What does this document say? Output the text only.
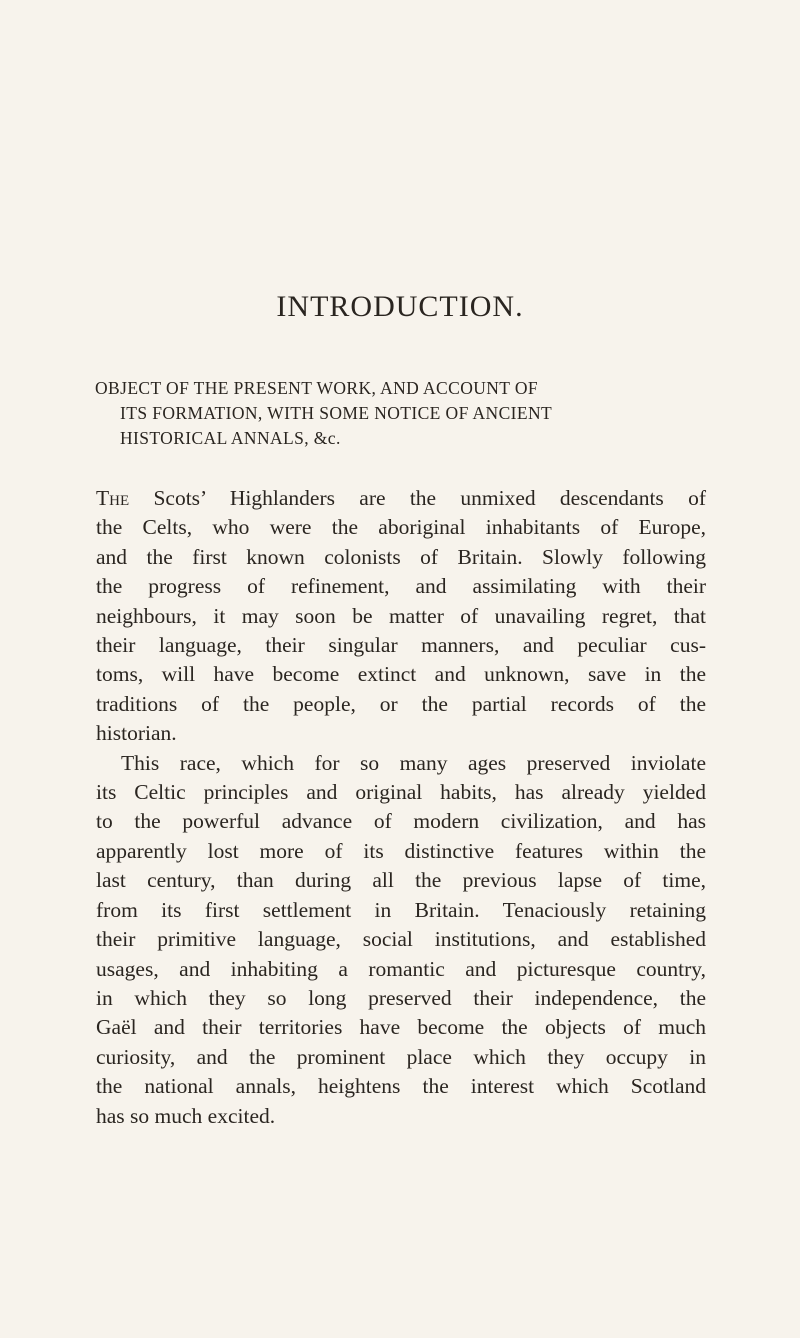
INTRODUCTION.
OBJECT OF THE PRESENT WORK, AND ACCOUNT OF
ITS FORMATION, WITH SOME NOTICE OF ANCIENT
HISTORICAL ANNALS, &c.
The Scots’ Highlanders are the unmixed descendants of
the Celts, who were the aboriginal inhabitants of Europe,
and the first known colonists of Britain. Slowly following
the progress of refinement, and assimilating with their
neighbours, it may soon be matter of unavailing regret, that
their language, their singular manners, and peculiar cus-
toms, will have become extinct and unknown, save in the
traditions of the people, or the partial records of the
historian.
This race, which for so many ages preserved inviolate
its Celtic principles and original habits, has already yielded
to the powerful advance of modern civilization, and has
apparently lost more of its distinctive features within the
last century, than during all the previous lapse of time,
from its first settlement in Britain. Tenaciously retaining
their primitive language, social institutions, and established
usages, and inhabiting a romantic and picturesque country,
in which they so long preserved their independence, the
Gaël and their territories have become the objects of much
curiosity, and the prominent place which they occupy in
the national annals, heightens the interest which Scotland
has so much excited.
